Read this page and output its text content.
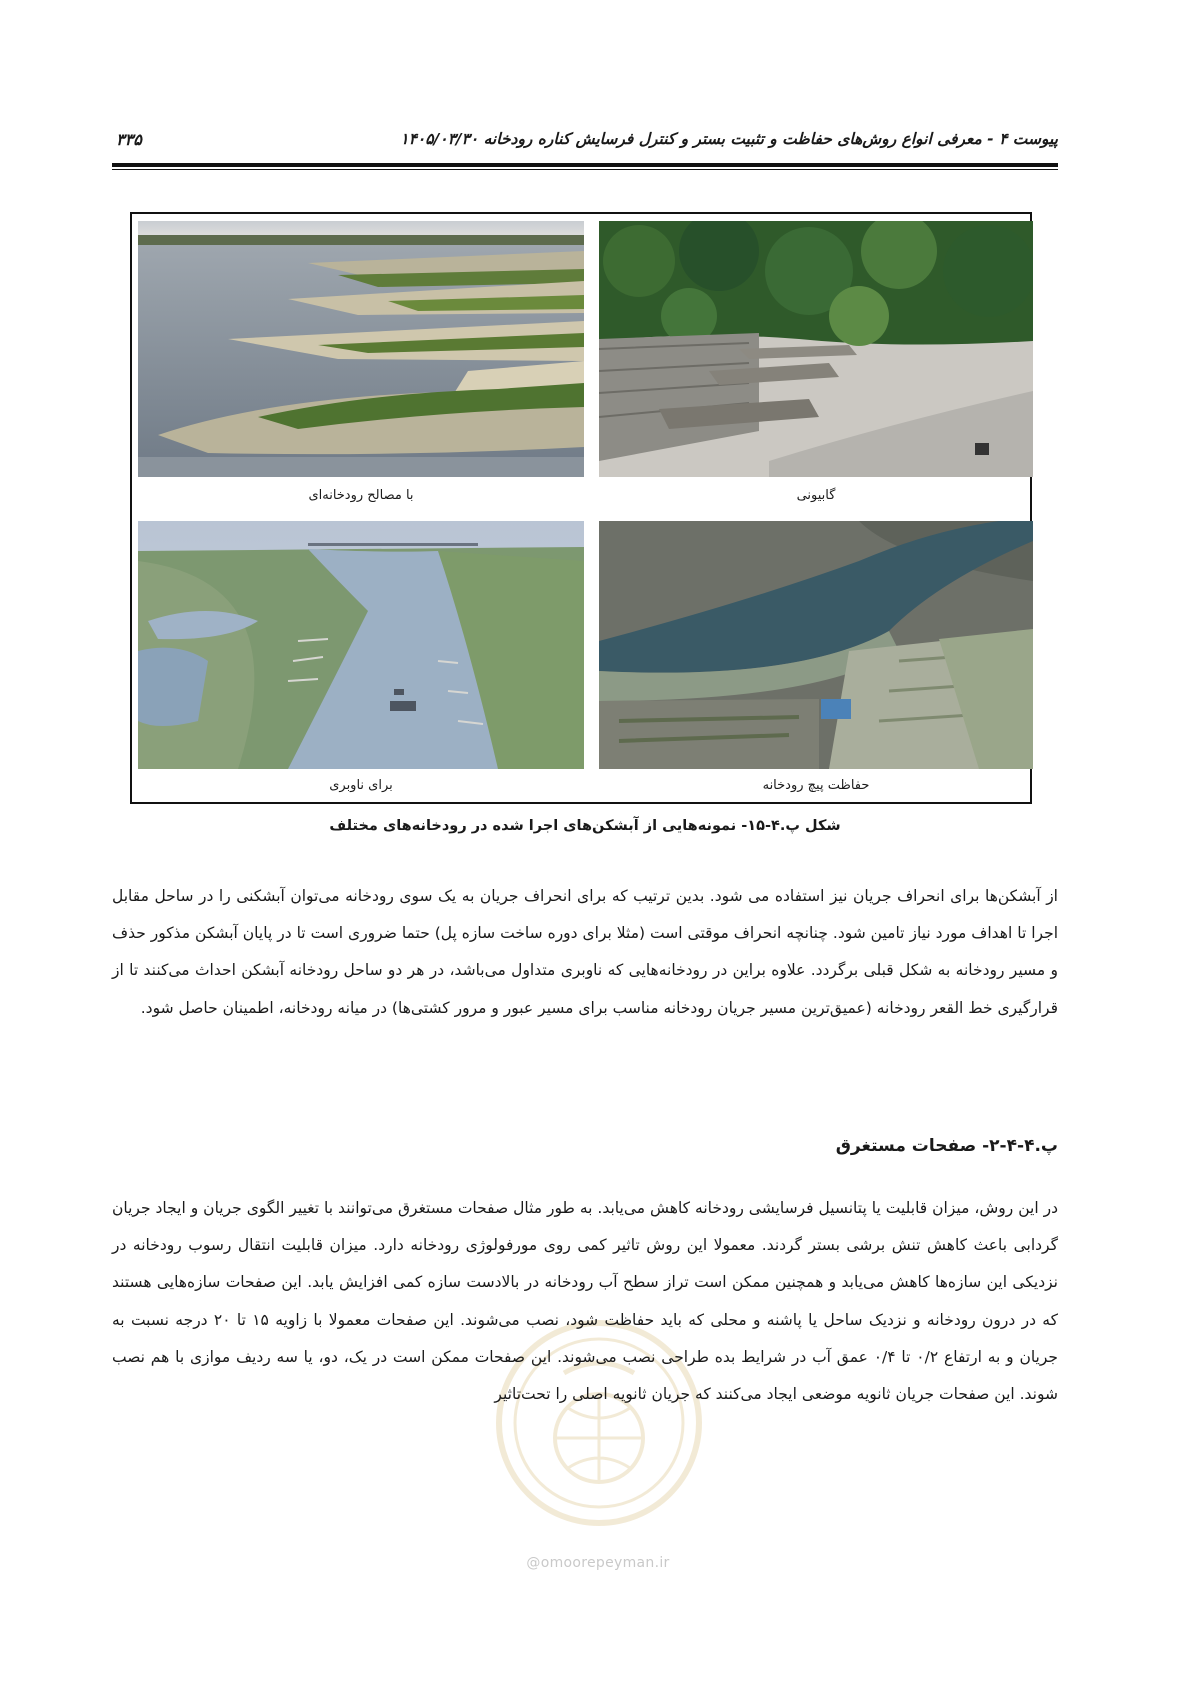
پیوست ۴ - معرفی انواع روش‌های حفاظت و تثبیت بستر و کنترل فرسایش کناره رودخانه ۱۴۰۵/۰۳/۳۰
۳۳۵
با مصالح رودخانه‌ای	گابیونی
برای ناوبری	حفاظت پیچ رودخانه
شکل پ.۴-۱۵- نمونه‌هایی از آبشکن‌های اجرا شده در رودخانه‌های مختلف

از آبشکن‌ها برای انحراف جریان نیز استفاده می شود. بدین ترتیب که برای انحراف جریان به یک سوی رودخانه می‌توان آبشکنی را در ساحل مقابل اجرا تا اهداف مورد نیاز تامین شود. چنانچه انحراف موقتی است (مثلا برای دوره ساخت سازه پل) حتما ضروری است تا در پایان آبشکن مذکور حذف و مسیر رودخانه به شکل قبلی برگردد. علاوه براین در رودخانه‌هایی که ناوبری متداول می‌باشد، در هر دو ساحل رودخانه آبشکن احداث می‌کنند تا از قرارگیری خط القعر رودخانه (عمیق‌ترین مسیر جریان رودخانه مناسب برای مسیر عبور و مرور کشتی‌ها) در میانه رودخانه، اطمینان حاصل شود.

پ.۴-۴-۲- صفحات مستغرق

در این روش، میزان قابلیت یا پتانسیل فرسایشی رودخانه کاهش می‌یابد. به طور مثال صفحات مستغرق می‌توانند با تغییر الگوی جریان و ایجاد جریان گردابی باعث کاهش تنش برشی بستر گردند. معمولا این روش تاثیر کمی روی مورفولوژی رودخانه دارد. میزان قابلیت انتقال رسوب رودخانه در نزدیکی این سازه‌ها کاهش می‌یابد و همچنین ممکن است تراز سطح آب رودخانه در بالادست سازه کمی افزایش یابد. این صفحات سازه‌هایی هستند که در درون رودخانه و نزدیک ساحل یا پاشنه و محلی که باید حفاظت شود، نصب می‌شوند. این صفحات معمولا با زاویه ۱۵ تا ۲۰ درجه نسبت به جریان و به ارتفاع ۰/۲ تا ۰/۴ عمق آب در شرایط بده طراحی نصب می‌شوند. این صفحات ممکن است در یک، دو، یا سه ردیف موازی با هم نصب شوند. این صفحات جریان ثانویه موضعی ایجاد می‌کنند که جریان ثانویه اصلی را تحت‌تاثیر

@omoorepeyman.ir
